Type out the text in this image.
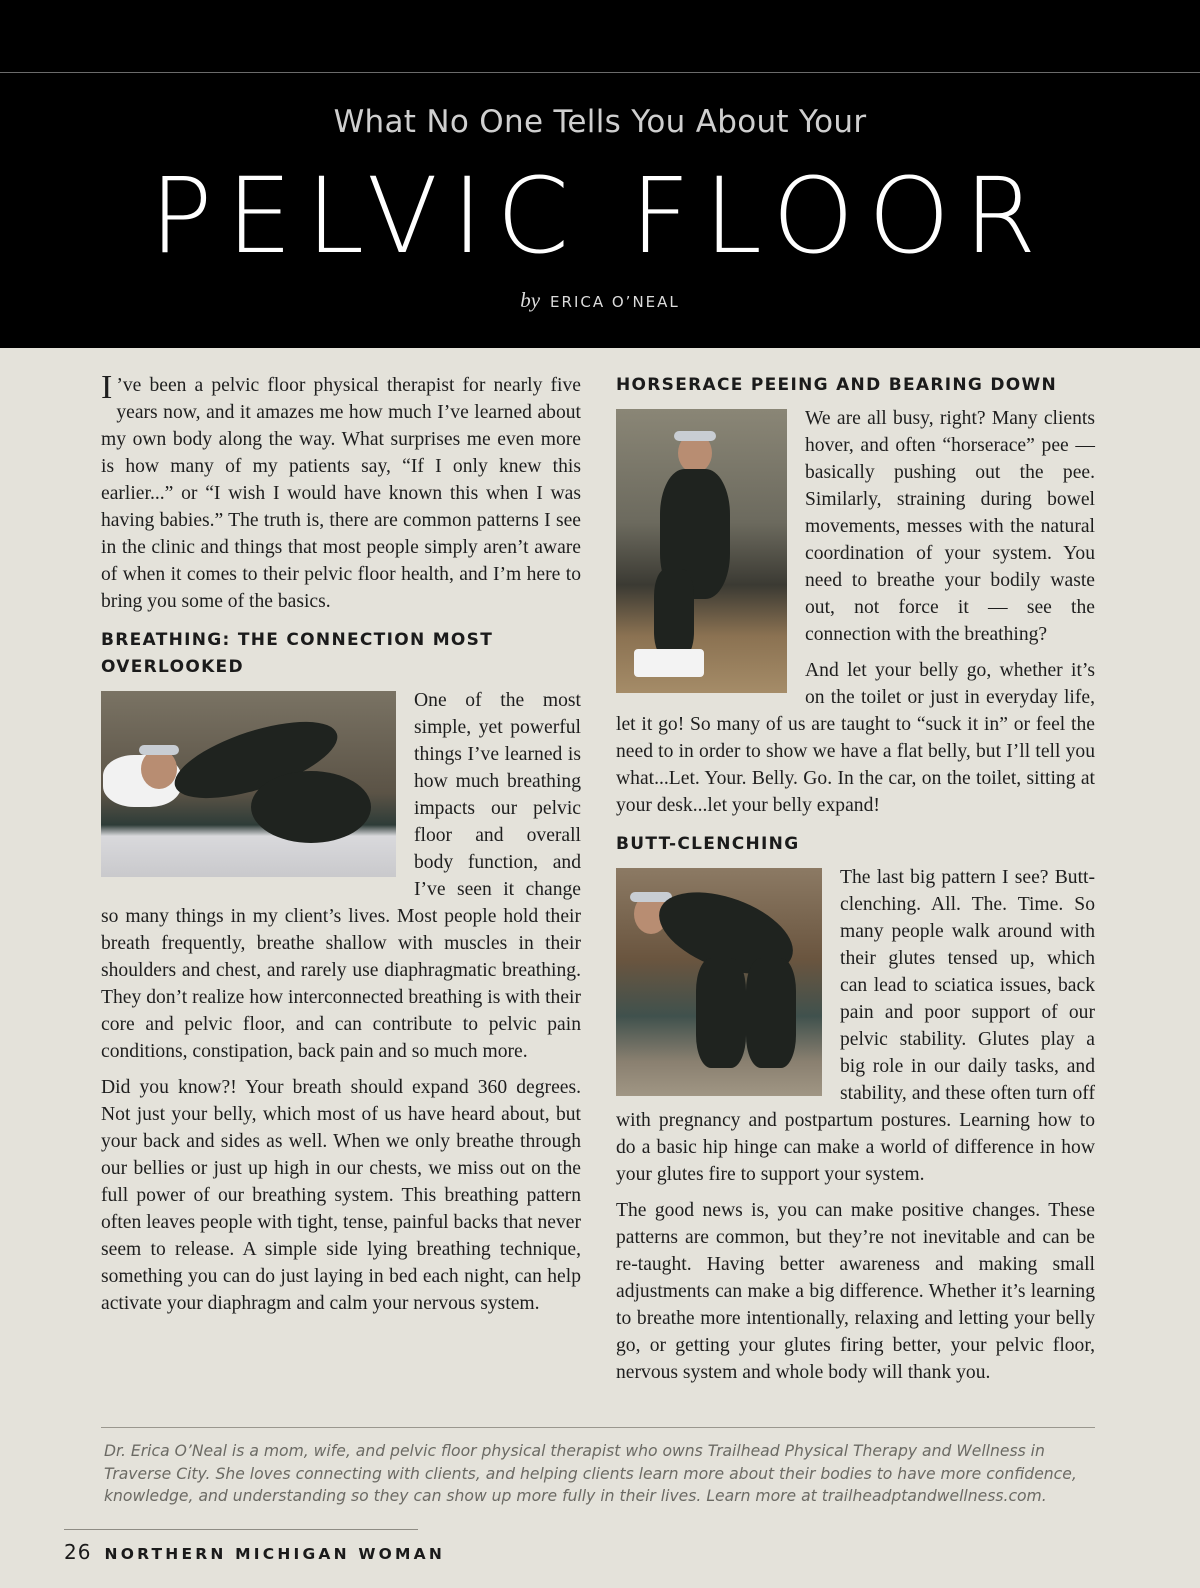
What No One Tells You About Your
PELVIC FLOOR
by ERICA O’NEAL

I ’ve been a pelvic floor physical therapist for nearly five years now, and it amazes me how much I’ve learned about my own body along the way. What surprises me even more is how many of my patients say, “If I only knew this earlier...” or “I wish I would have known this when I was having babies.” The truth is, there are common patterns I see in the clinic and things that most people simply aren’t aware of when it comes to their pelvic floor health, and I’m here to bring you some of the basics.

BREATHING: THE CONNECTION MOST OVERLOOKED

One of the most simple, yet powerful things I’ve learned is how much breathing impacts our pelvic floor and overall body function, and I’ve seen it change so many things in my client’s lives. Most people hold their breath frequently, breathe shallow with muscles in their shoulders and chest, and rarely use diaphragmatic breathing. They don’t realize how interconnected breathing is with their core and pelvic floor, and can contribute to pelvic pain conditions, constipation, back pain and so much more.

Did you know?! Your breath should expand 360 degrees. Not just your belly, which most of us have heard about, but your back and sides as well. When we only breathe through our bellies or just up high in our chests, we miss out on the full power of our breathing system. This breathing pattern often leaves people with tight, tense, painful backs that never seem to release. A simple side lying breathing technique, something you can do just laying in bed each night, can help activate your diaphragm and calm your nervous system.

HORSERACE PEEING AND BEARING DOWN

We are all busy, right? Many clients hover, and often “horserace” pee — basically pushing out the pee. Similarly, straining during bowel movements, messes with the natural coordination of your system. You need to breathe your bodily waste out, not force it — see the connection with the breathing?

And let your belly go, whether it’s on the toilet or just in everyday life, let it go! So many of us are taught to “suck it in” or feel the need to in order to show we have a flat belly, but I’ll tell you what...Let. Your. Belly. Go. In the car, on the toilet, sitting at your desk...let your belly expand!

BUTT-CLENCHING

The last big pattern I see? Butt-clenching. All. The. Time. So many people walk around with their glutes tensed up, which can lead to sciatica issues, back pain and poor support of our pelvic stability. Glutes play a big role in our daily tasks, and stability, and these often turn off with pregnancy and postpartum postures. Learning how to do a basic hip hinge can make a world of difference in how your glutes fire to support your system.

The good news is, you can make positive changes. These patterns are common, but they’re not inevitable and can be re-taught. Having better awareness and making small adjustments can make a big difference. Whether it’s learning to breathe more intentionally, relaxing and letting your belly go, or getting your glutes firing better, your pelvic floor, nervous system and whole body will thank you.

Dr. Erica O’Neal is a mom, wife, and pelvic floor physical therapist who owns Trailhead Physical Therapy and Wellness in Traverse City. She loves connecting with clients, and helping clients learn more about their bodies to have more confidence, knowledge, and understanding so they can show up more fully in their lives. Learn more at trailheadptandwellness.com.
26 NORTHERN MICHIGAN WOMAN
